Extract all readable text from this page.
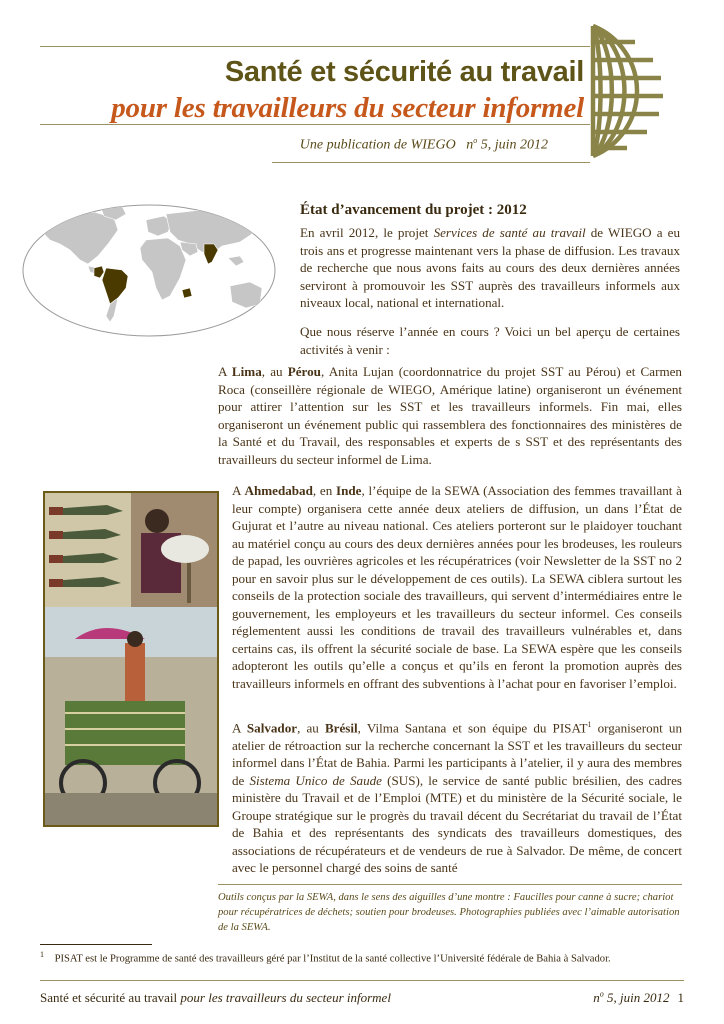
Santé et sécurité au travail
pour les travailleurs du secteur informel
Une publication de WIEGO $n^o$ 5, juin 2012
État d’avancement du projet : 2012
En avril 2012, le projet Services de santé au travail de WIEGO a eu trois ans et progresse maintenant vers la phase de diffusion. Les travaux de recherche que nous avons faits au cours des deux dernières années serviront à promouvoir les SST auprès des travailleurs informels aux niveaux local, national et international.
Que nous réserve l’année en cours ? Voici un bel aperçu de certaines activités à venir :
A Lima, au Pérou, Anita Lujan (coordonnatrice du projet SST au Pérou) et Carmen Roca (conseillère régionale de WIEGO, Amérique latine) organiseront un événement pour attirer l’attention sur les SST et les travailleurs informels. Fin mai, elles organiseront un événement public qui rassemblera des fonctionnaires des ministères de la Santé et du Travail, des responsables et experts de s SST et des représentants des travailleurs du secteur informel de Lima.
A Ahmedabad, en Inde, l’équipe de la SEWA (Association des femmes travaillant à leur compte) organisera cette année deux ateliers de diffusion, un dans l’État de Gujurat et l’autre au niveau national. Ces ateliers porteront sur le plaidoyer touchant au matériel conçu au cours des deux dernières années pour les brodeuses, les rouleurs de papad, les ouvrières agricoles et les récupératrices (voir Newsletter de la SST no 2 pour en savoir plus sur le développement de ces outils). La SEWA ciblera surtout les conseils de la protection sociale des travailleurs, qui servent d’intermédiaires entre le gouvernement, les employeurs et les travailleurs du secteur informel. Ces conseils réglementent aussi les conditions de travail des travailleurs vulnérables et, dans certains cas, ils offrent la sécurité sociale de base. La SEWA espère que les conseils adopteront les outils qu’elle a conçus et qu’ils en feront la promotion auprès des travailleurs informels en offrant des subventions à l’achat pour en favoriser l’emploi.
A Salvador, au Brésil, Vilma Santana et son équipe du PISAT$^1$ organiseront un atelier de rétroaction sur la recherche concernant la SST et les travailleurs du secteur informel dans l’État de Bahia. Parmi les participants à l’atelier, il y aura des membres de Sistema Unico de Saude (SUS), le service de santé public brésilien, des cadres ministère du Travail et de l’Emploi (MTE) et du ministère de la Sécurité sociale, le Groupe stratégique sur le progrès du travail décent du Secrétariat du travail de l’État de Bahia et des représentants des syndicats des travailleurs domestiques, des associations de récupérateurs et de vendeurs de rue à Salvador. De même, de concert avec le personnel chargé des soins de santé
Outils conçus par la SEWA, dans le sens des aiguilles d’une montre : Faucilles pour canne à sucre; chariot pour récupératrices de déchets; soutien pour brodeuses. Photographies publiées avec l’aimable autorisation de la SEWA.
$^1$ PISAT est le Programme de santé des travailleurs géré par l’Institut de la santé collective l’Université fédérale de Bahia à Salvador.
Santé et sécurité au travail pour les travailleurs du secteur informel	$n^o$ 5, juin 2012 1
